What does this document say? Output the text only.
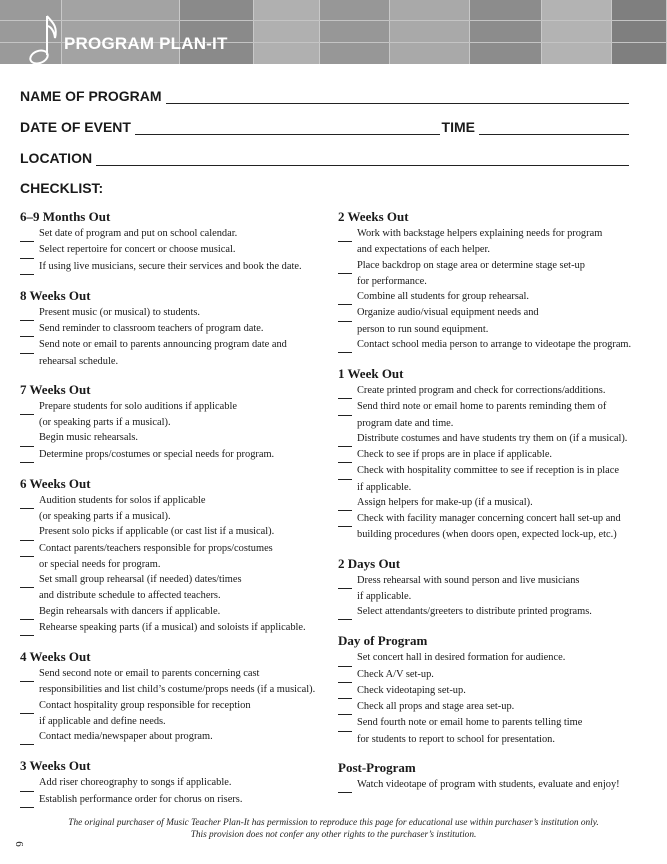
PROGRAM PLAN-IT
NAME OF PROGRAM
DATE OF EVENT	TIME
LOCATION
CHECKLIST:
6–9 Months Out
Set date of program and put on school calendar.
Select repertoire for concert or choose musical.
If using live musicians, secure their services and book the date.
8 Weeks Out
Present music (or musical) to students.
Send reminder to classroom teachers of program date.
Send note or email to parents announcing program date and
rehearsal schedule.
7 Weeks Out
Prepare students for solo auditions if applicable
(or speaking parts if a musical).
Begin music rehearsals.
Determine props/costumes or special needs for program.
6 Weeks Out
Audition students for solos if applicable
(or speaking parts if a musical).
Present solo picks if applicable (or cast list if a musical).
Contact parents/teachers responsible for props/costumes
or special needs for program.
Set small group rehearsal (if needed) dates/times
and distribute schedule to affected teachers.
Begin rehearsals with dancers if applicable.
Rehearse speaking parts (if a musical) and soloists if applicable.
4 Weeks Out
Send second note or email to parents concerning cast
responsibilities and list child’s costume/props needs (if a musical).
Contact hospitality group responsible for reception
if applicable and define needs.
Contact media/newspaper about program.
3 Weeks Out
Add riser choreography to songs if applicable.
Establish performance order for chorus on risers.
2 Weeks Out
Work with backstage helpers explaining needs for program
and expectations of each helper.
Place backdrop on stage area or determine stage set-up
for performance.
Combine all students for group rehearsal.
Organize audio/visual equipment needs and
person to run sound equipment.
Contact school media person to arrange to videotape the program.
1 Week Out
Create printed program and check for corrections/additions.
Send third note or email home to parents reminding them of
program date and time.
Distribute costumes and have students try them on (if a musical).
Check to see if props are in place if applicable.
Check with hospitality committee to see if reception is in place
if applicable.
Assign helpers for make-up (if a musical).
Check with facility manager concerning concert hall set-up and
building procedures (when doors open, expected lock-up, etc.)
2 Days Out
Dress rehearsal with sound person and live musicians
if applicable.
Select attendants/greeters to distribute printed programs.
Day of Program
Set concert hall in desired formation for audience.
Check A/V set-up.
Check videotaping set-up.
Check all props and stage area set-up.
Send fourth note or email home to parents telling time
for students to report to school for presentation.
Post-Program
Watch videotape of program with students, evaluate and enjoy!
The original purchaser of Music Teacher Plan-It has permission to reproduce this page for educational use within purchaser’s institution only.
This provision does not confer any other rights to the purchaser’s institution.
6
